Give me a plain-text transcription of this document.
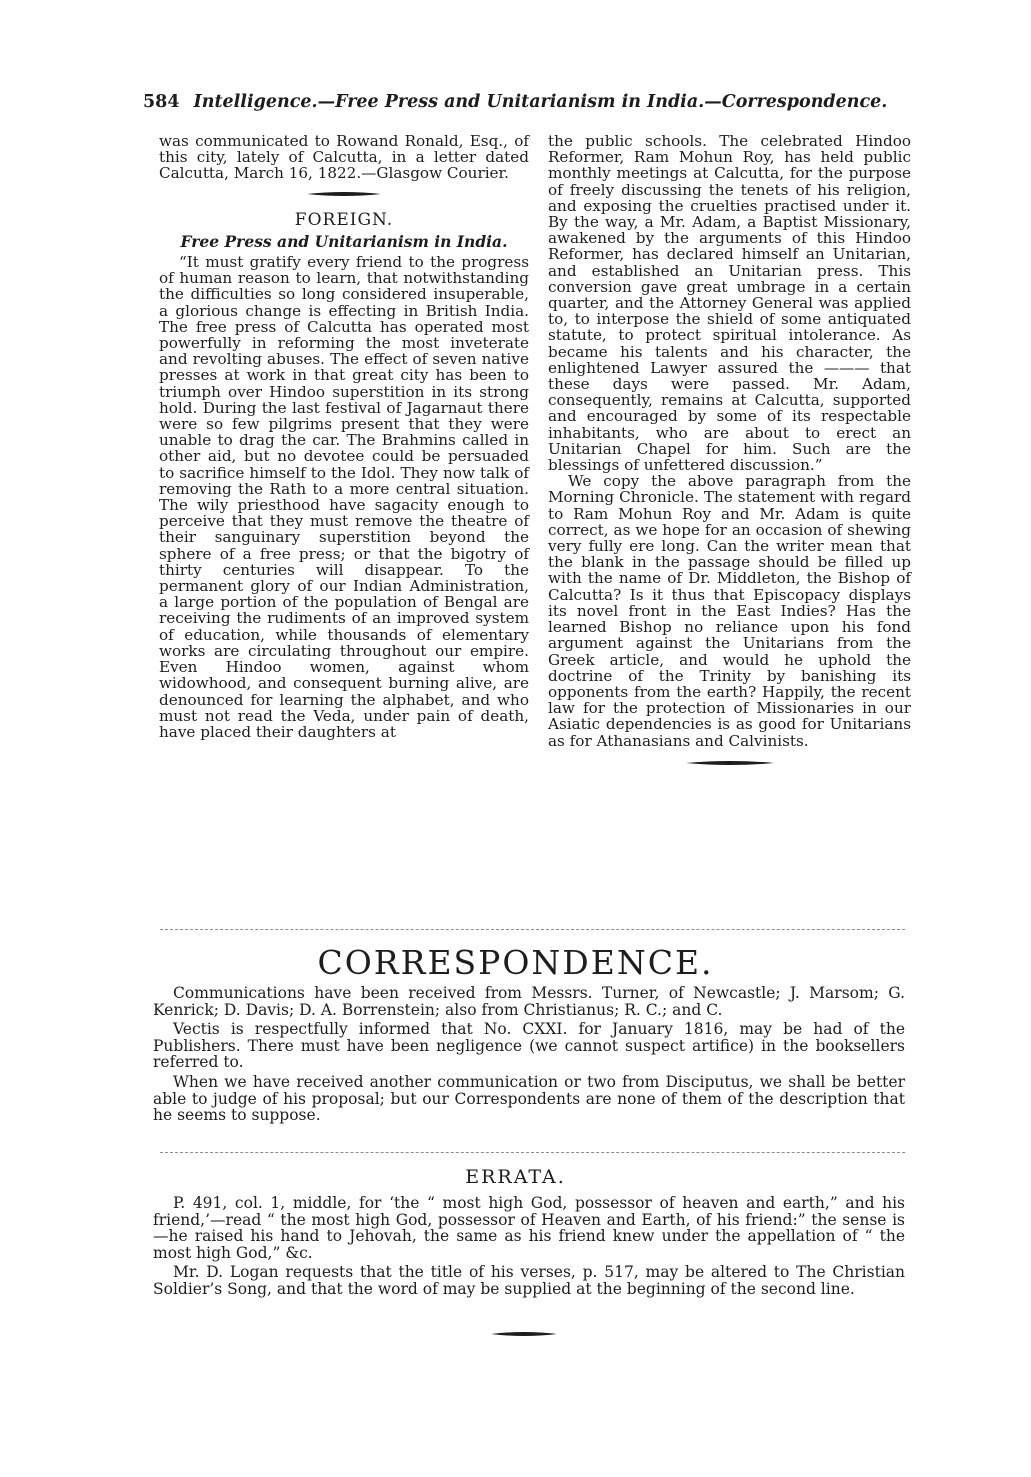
584 Intelligence.—Free Press and Unitarianism in India.—Correspondence.

was communicated to Rowand Ronald, Esq., of this city, lately of Calcutta, in a letter dated Calcutta, March 16, 1822.—Glasgow Courier.

FOREIGN.
Free Press and Unitarianism in India.

“It must gratify every friend to the progress of human reason to learn, that notwithstanding the difficulties so long considered insuperable, a glorious change is effecting in British India. The free press of Calcutta has operated most powerfully in reforming the most inveterate and revolting abuses. The effect of seven native presses at work in that great city has been to triumph over Hindoo superstition in its strong hold. During the last festival of Jagarnaut there were so few pilgrims present that they were unable to drag the car. The Brahmins called in other aid, but no devotee could be persuaded to sacrifice himself to the Idol. They now talk of removing the Rath to a more central situation. The wily priesthood have sagacity enough to perceive that they must remove the theatre of their sanguinary superstition beyond the sphere of a free press; or that the bigotry of thirty centuries will disappear. To the permanent glory of our Indian Administration, a large portion of the population of Bengal are receiving the rudiments of an improved system of education, while thousands of elementary works are circulating throughout our empire. Even Hindoo women, against whom widowhood, and consequent burning alive, are denounced for learning the alphabet, and who must not read the Veda, under pain of death, have placed their daughters at

the public schools. The celebrated Hindoo Reformer, Ram Mohun Roy, has held public monthly meetings at Calcutta, for the purpose of freely discussing the tenets of his religion, and exposing the cruelties practised under it. By the way, a Mr. Adam, a Baptist Missionary, awakened by the arguments of this Hindoo Reformer, has declared himself an Unitarian, and established an Unitarian press. This conversion gave great umbrage in a certain quarter, and the Attorney General was applied to, to interpose the shield of some antiquated statute, to protect spiritual intolerance. As became his talents and his character, the enlightened Lawyer assured the ——— that these days were passed. Mr. Adam, consequently, remains at Calcutta, supported and encouraged by some of its respectable inhabitants, who are about to erect an Unitarian Chapel for him. Such are the blessings of unfettered discussion.”

We copy the above paragraph from the Morning Chronicle. The statement with regard to Ram Mohun Roy and Mr. Adam is quite correct, as we hope for an occasion of shewing very fully ere long. Can the writer mean that the blank in the passage should be filled up with the name of Dr. Middleton, the Bishop of Calcutta? Is it thus that Episcopacy displays its novel front in the East Indies? Has the learned Bishop no reliance upon his fond argument against the Unitarians from the Greek article, and would he uphold the doctrine of the Trinity by banishing its opponents from the earth? Happily, the recent law for the protection of Missionaries in our Asiatic dependencies is as good for Unitarians as for Athanasians and Calvinists.

CORRESPONDENCE.

Communications have been received from Messrs. Turner, of Newcastle; J. Marsom; G. Kenrick; D. Davis; D. A. Borrenstein; also from Christianus; R. C.; and C.

Vectis is respectfully informed that No. CXXI. for January 1816, may be had of the Publishers. There must have been negligence (we cannot suspect artifice) in the booksellers referred to.

When we have received another communication or two from Disciputus, we shall be better able to judge of his proposal; but our Correspondents are none of them of the description that he seems to suppose.

ERRATA.

P. 491, col. 1, middle, for ‘the “ most high God, possessor of heaven and earth,” and his friend,’—read “ the most high God, possessor of Heaven and Earth, of his friend:” the sense is—he raised his hand to Jehovah, the same as his friend knew under the appellation of “ the most high God,” &c.

Mr. D. Logan requests that the title of his verses, p. 517, may be altered to The Christian Soldier’s Song, and that the word of may be supplied at the beginning of the second line.
